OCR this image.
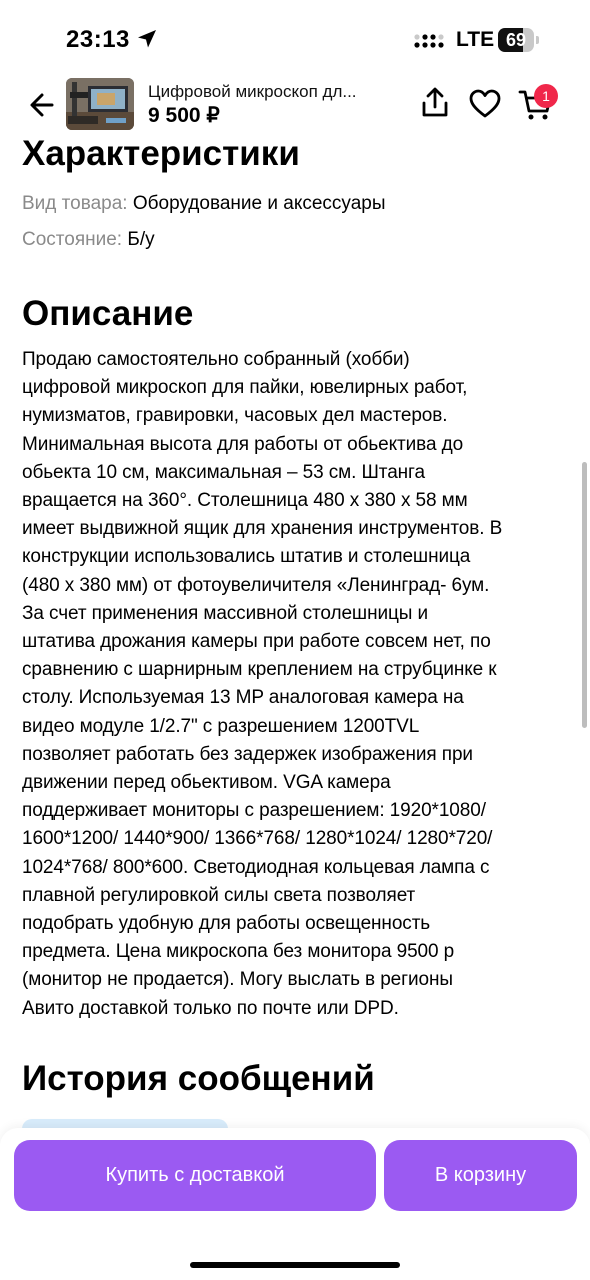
23:13	LTE 69
Цифровой микроскоп дл...
9 500 ₽
1
Характеристики
Вид товара: Оборудование и аксессуары
Состояние: Б/у
Описание
Продаю самостоятельно собранный (хобби)
цифровой микроскоп для пайки, ювелирных работ,
нумизматов, гравировки, часовых дел мастеров.
Минимальная высота для работы от обьектива до
обьекта 10 см, максимальная – 53 см. Штанга
вращается на 360°. Столешница 480 х 380 х 58 мм
имеет выдвижной ящик для хранения инструментов. В
конструкции использовались штатив и столешница
(480 х 380 мм) от фотоувеличителя «Ленинград- 6ум.
За счет применения массивной столешницы и
штатива дрожания камеры при работе совсем нет, по
сравнению с шарнирным креплением на струбцинке к
столу. Используемая 13 MP аналоговая камера на
видео модуле 1/2.7" с разрешением 1200TVL
позволяет работать без задержек изображения при
движении перед обьективом. VGA камера
поддерживает мониторы с разрешением: 1920*1080/
1600*1200/ 1440*900/ 1366*768/ 1280*1024/ 1280*720/
1024*768/ 800*600. Светодиодная кольцевая лампа с
плавной регулировкой силы света позволяет
подобрать удобную для работы освещенность
предмета. Цена микроскопа без монитора 9500 р
(монитор не продается). Могу выслать в регионы
Авито доставкой только по почте или DPD.
История сообщений
Купить с доставкой	В корзину
